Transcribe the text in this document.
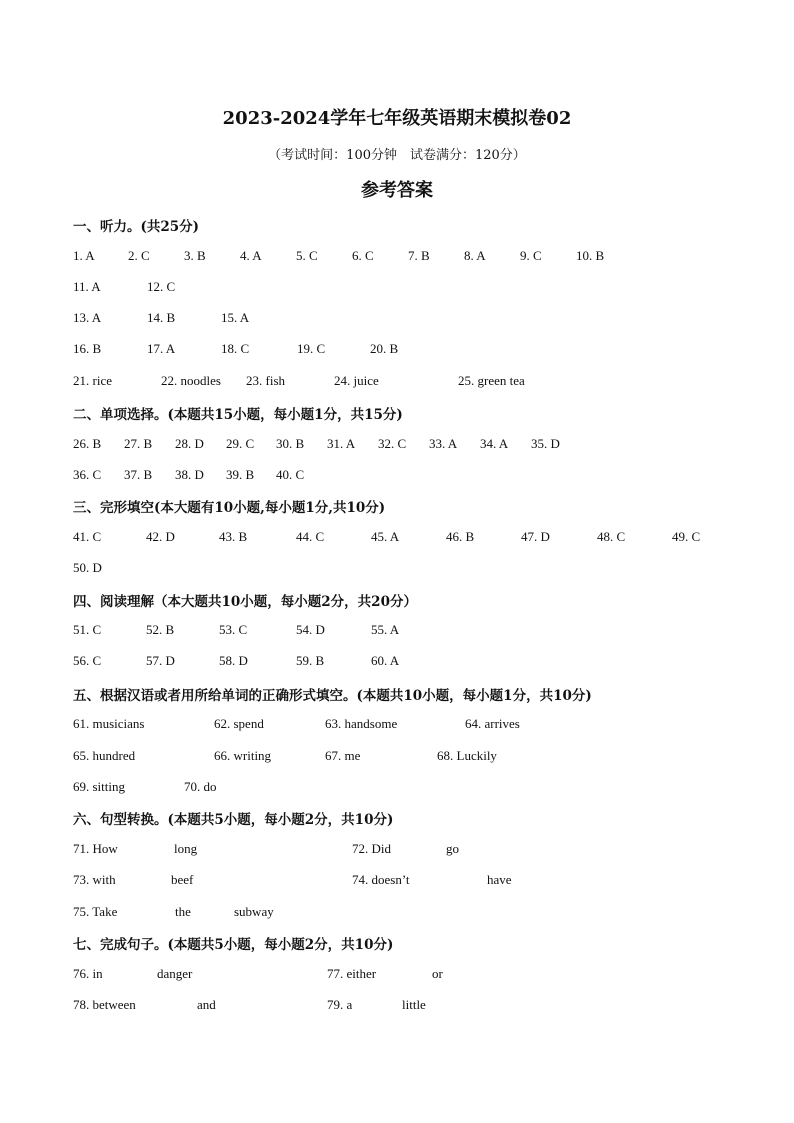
2023-2024学年七年级英语期末模拟卷02
（考试时间：100分钟　试卷满分：120分）
参考答案
一、听力。(共25分)
二、单项选择。(本题共15小题，每小题1分，共15分)
三、完形填空(本大题有10小题,每小题1分,共10分)
四、阅读理解（本大题共10小题，每小题2分，共20分）
五、根据汉语或者用所给单词的正确形式填空。(本题共10小题，每小题1分，共10分)
六、句型转换。(本题共5小题，每小题2分，共10分)
七、完成句子。(本题共5小题，每小题2分，共10分)
1. A	2. C	3. B	4. A	5. C	6. C	7. B	8. A	9. C	10. B
11. A	12. C
13. A	14. B	15. A
16. B	17. A	18. C	19. C	20. B
21. rice	22. noodles 23. fish	24. juice	25. green tea
26. B 27. B 28. D 29. C 30. B 31. A 32. C 33. A 34. A 35. D
36. C 37. B 38. D 39. B 40. C
41. C	42. D	43. B	44. C	45. A	46. B	47. D	48. C	49. C
50. D
51. C	52. B	53. C	54. D	55. A
56. C	57. D	58. D	59. B	60. A
61. musicians	62. spend	63. handsome	64. arrives
65. hundred	66. writing	67. me	68. Luckily
69. sitting	70. do
71. How	long	72. Did	go
73. with	beef	74. doesn’t	have
75. Take	the	subway
76. in	danger	77. either	or
78. between	and	79. a	little
